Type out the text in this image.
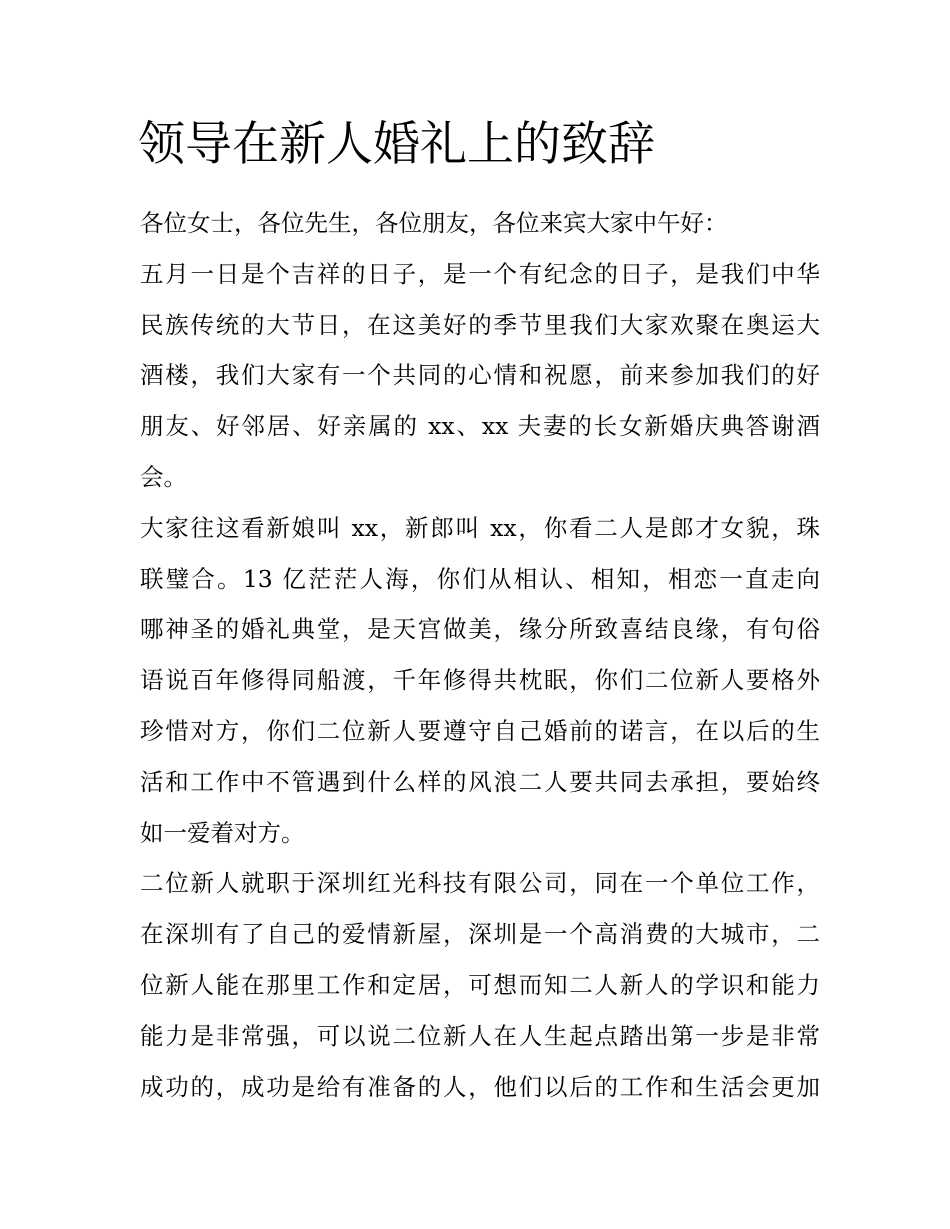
领导在新人婚礼上的致辞
各位女士，各位先生，各位朋友，各位来宾大家中午好：
五月一日是个吉祥的日子，是一个有纪念的日子，是我们中华
民族传统的大节日，在这美好的季节里我们大家欢聚在奥运大
酒楼，我们大家有一个共同的心情和祝愿，前来参加我们的好
朋友、好邻居、好亲属的 xx、xx 夫妻的长女新婚庆典答谢酒
会。
大家往这看新娘叫 xx，新郎叫 xx，你看二人是郎才女貌，珠
联璧合。13 亿茫茫人海，你们从相认、相知，相恋一直走向
哪神圣的婚礼典堂，是天宫做美，缘分所致喜结良缘，有句俗
语说百年修得同船渡，千年修得共枕眠，你们二位新人要格外
珍惜对方，你们二位新人要遵守自己婚前的诺言，在以后的生
活和工作中不管遇到什么样的风浪二人要共同去承担，要始终
如一爱着对方。
二位新人就职于深圳红光科技有限公司，同在一个单位工作，
在深圳有了自己的爱情新屋，深圳是一个高消费的大城市，二
位新人能在那里工作和定居，可想而知二人新人的学识和能力
能力是非常强，可以说二位新人在人生起点踏出第一步是非常
成功的，成功是给有准备的人，他们以后的工作和生活会更加
